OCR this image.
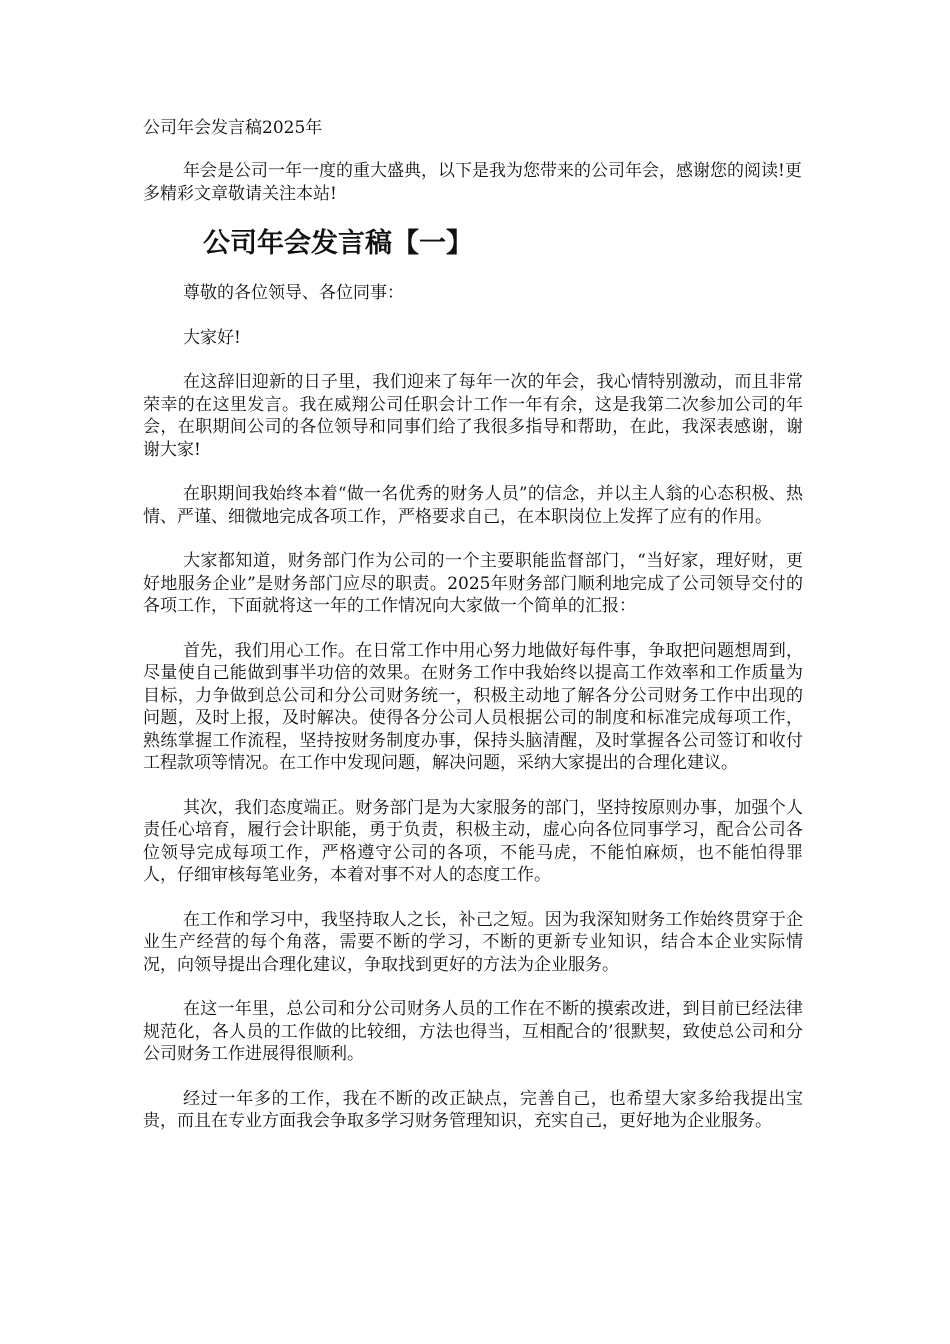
公司年会发言稿2025年

年会是公司一年一度的重大盛典，以下是我为您带来的公司年会，感谢您的阅读!更多精彩文章敬请关注本站!

公司年会发言稿【一】

尊敬的各位领导、各位同事：

大家好!

在这辞旧迎新的日子里，我们迎来了每年一次的年会，我心情特别激动，而且非常荣幸的在这里发言。我在威翔公司任职会计工作一年有余，这是我第二次参加公司的年会，在职期间公司的各位领导和同事们给了我很多指导和帮助，在此，我深表感谢，谢谢大家!

在职期间我始终本着“做一名优秀的财务人员”的信念，并以主人翁的心态积极、热情、严谨、细微地完成各项工作，严格要求自己，在本职岗位上发挥了应有的作用。

大家都知道，财务部门作为公司的一个主要职能监督部门，“当好家，理好财，更好地服务企业”是财务部门应尽的职责。2025年财务部门顺利地完成了公司领导交付的各项工作，下面就将这一年的工作情况向大家做一个简单的汇报：

首先，我们用心工作。在日常工作中用心努力地做好每件事，争取把问题想周到，尽量使自己能做到事半功倍的效果。在财务工作中我始终以提高工作效率和工作质量为目标，力争做到总公司和分公司财务统一，积极主动地了解各分公司财务工作中出现的问题，及时上报，及时解决。使得各分公司人员根据公司的制度和标准完成每项工作，熟练掌握工作流程，坚持按财务制度办事，保持头脑清醒，及时掌握各公司签订和收付工程款项等情况。在工作中发现问题，解决问题，采纳大家提出的合理化建议。

其次，我们态度端正。财务部门是为大家服务的部门，坚持按原则办事，加强个人责任心培育，履行会计职能，勇于负责，积极主动，虚心向各位同事学习，配合公司各位领导完成每项工作，严格遵守公司的各项，不能马虎，不能怕麻烦，也不能怕得罪人，仔细审核每笔业务，本着对事不对人的态度工作。

在工作和学习中，我坚持取人之长，补己之短。因为我深知财务工作始终贯穿于企业生产经营的每个角落，需要不断的学习，不断的更新专业知识，结合本企业实际情况，向领导提出合理化建议，争取找到更好的方法为企业服务。

在这一年里，总公司和分公司财务人员的工作在不断的摸索改进，到目前已经法律规范化，各人员的工作做的比较细，方法也得当，互相配合的’很默契，致使总公司和分公司财务工作进展得很顺利。

经过一年多的工作，我在不断的改正缺点，完善自己，也希望大家多给我提出宝贵，而且在专业方面我会争取多学习财务管理知识，充实自己，更好地为企业服务。
